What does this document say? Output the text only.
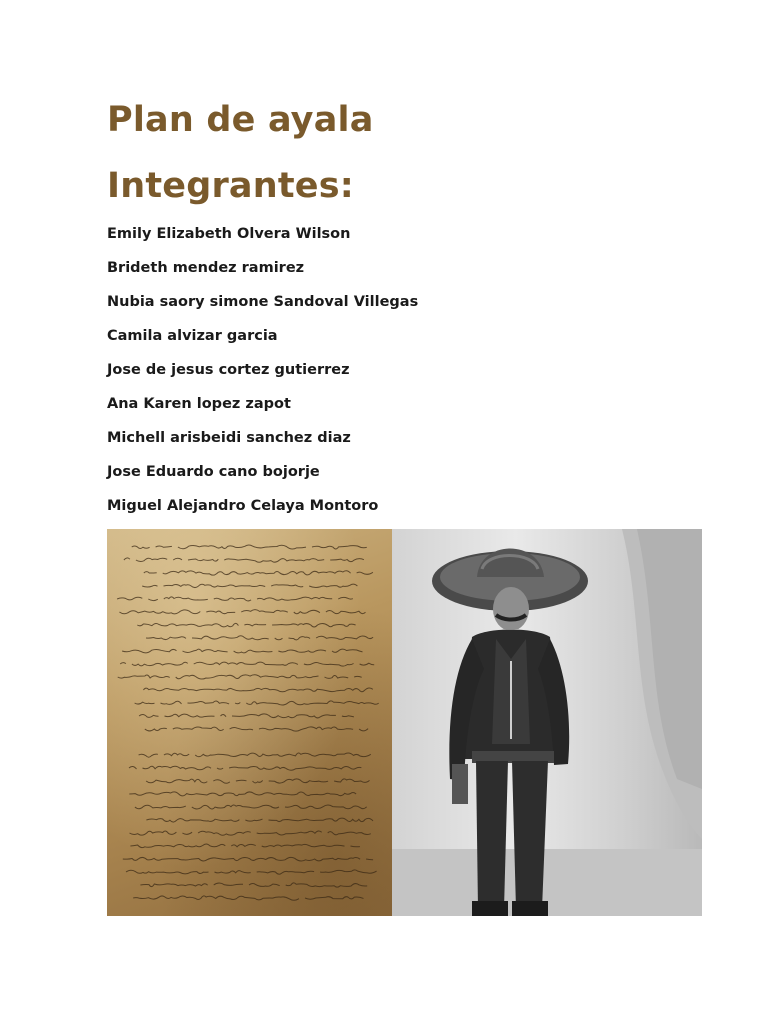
Plan de ayala
Integrantes:
Emily Elizabeth Olvera Wilson
Brideth mendez ramirez
Nubia saory simone Sandoval Villegas
Camila alvizar garcia
Jose de jesus cortez gutierrez
Ana Karen lopez zapot
Michell arisbeidi sanchez diaz
Jose Eduardo cano bojorje
Miguel Alejandro Celaya Montoro
